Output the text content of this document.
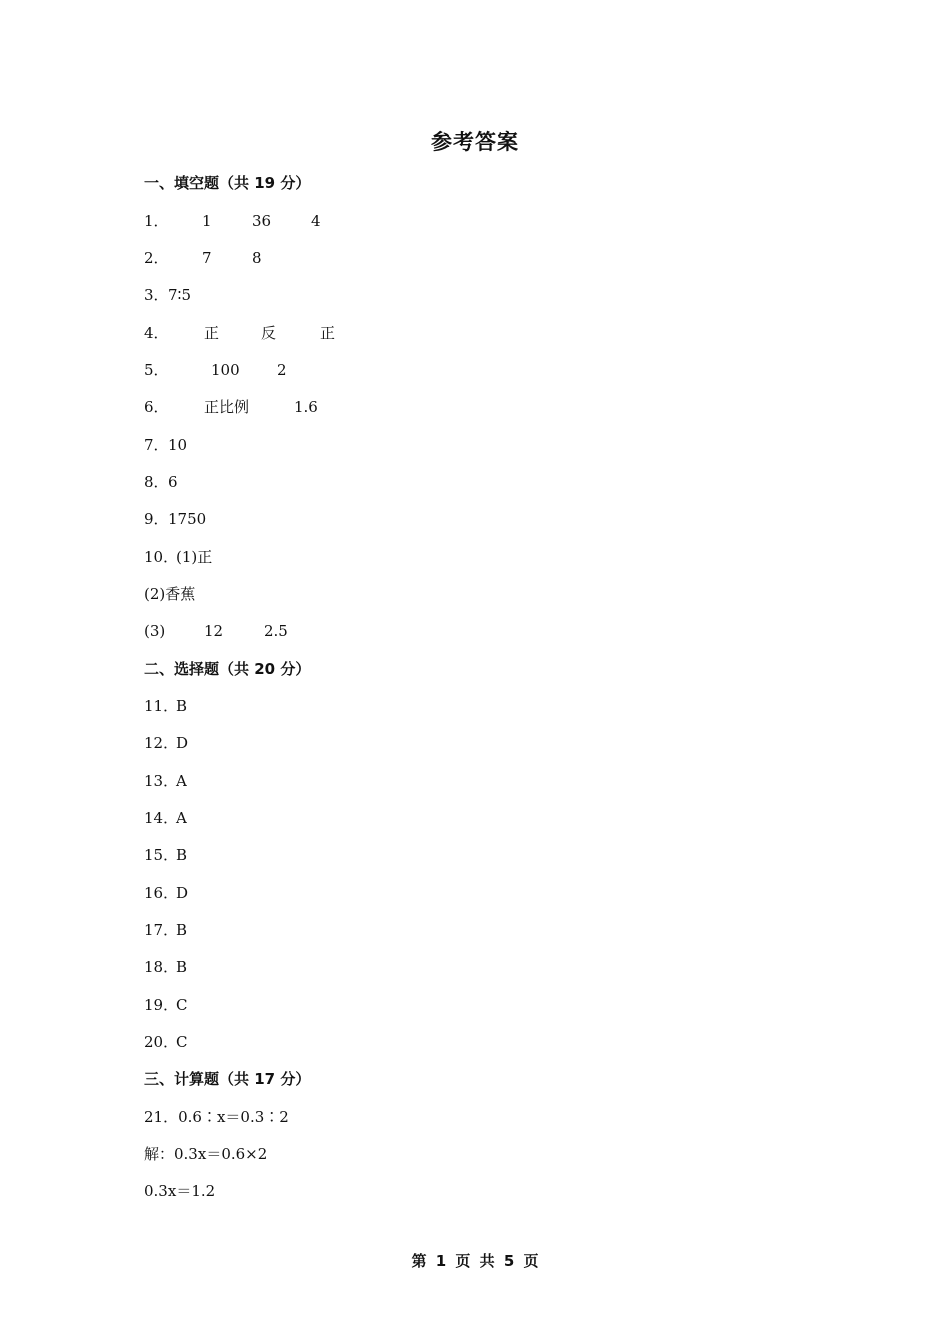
参考答案
一、填空题（共 19 分）
1． 1	36	4
2． 7	8
3． 7∶5
4． 正	反	正
5．	100 2
6． 正比例	1.6
7． 10
8． 6
9． 1750
10．
(1)正
(2)香蕉
(3)	12	2.5
二、选择题（共 20 分）
11．
B
12．
D
13．
A
14．
A
15．
B
16．
D
17．
B
18．
B
19．
C
20．
C
三、计算题（共 17 分）
21．0.6∶x＝0.3∶2
解：0.3x＝0.6×2
0.3x＝1.2
第 1 页 共 5 页
